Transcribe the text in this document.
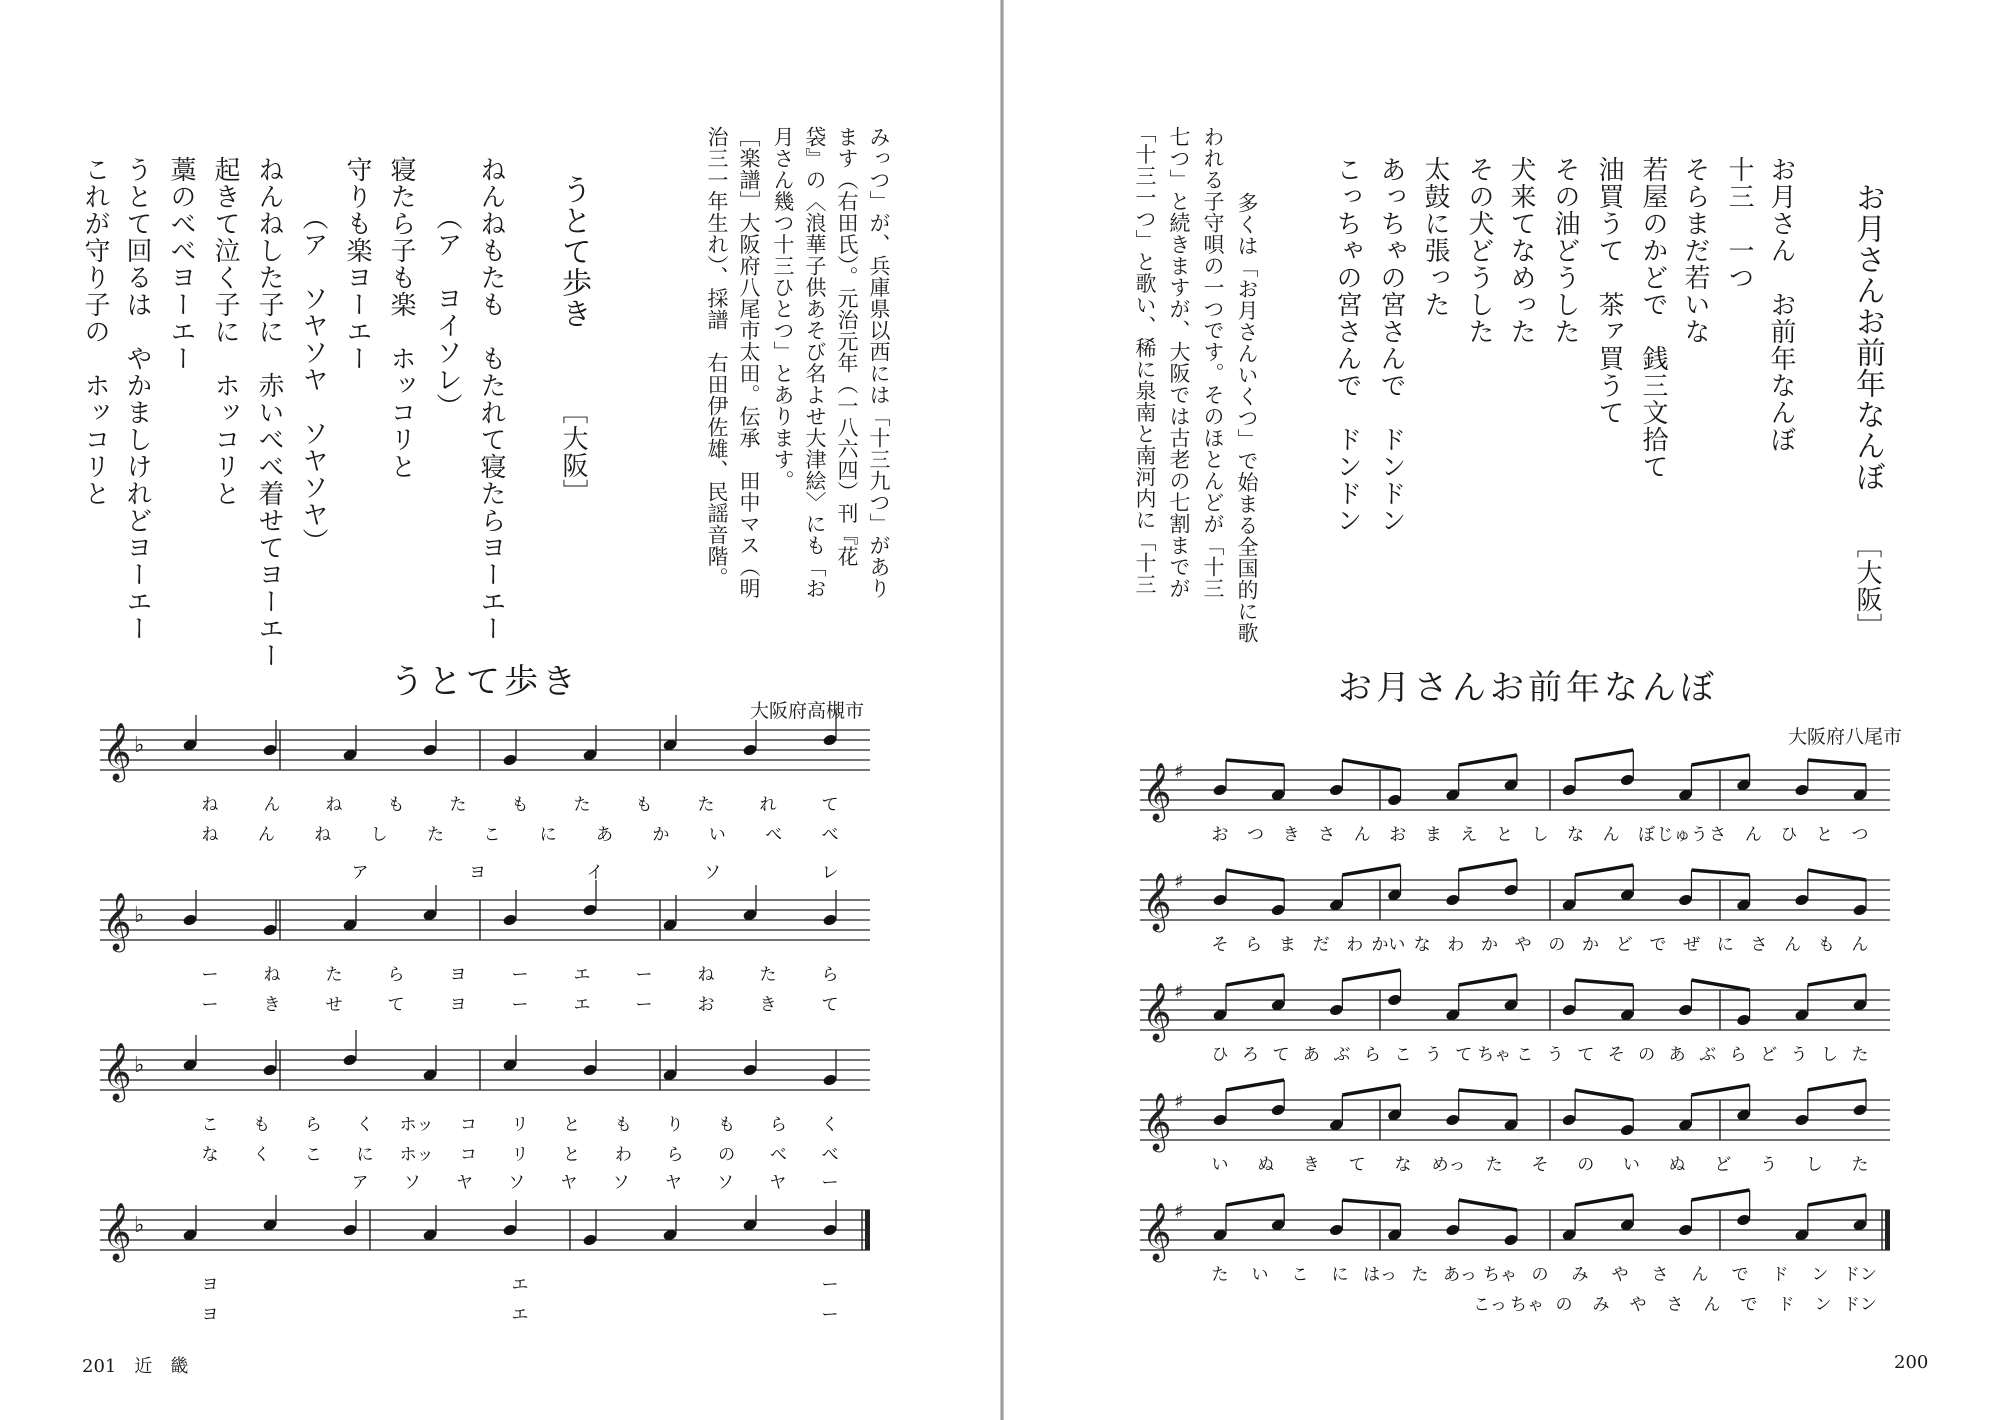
みっつ」が、兵庫県以西には「十三九つ」があり
ます（右田氏）。元治元年（一八六四）刊『花
袋』の〈浪華子供あそび名よせ大津絵〉にも「お
月さん幾つ十三ひとつ」とあります。
［楽譜］大阪府八尾市太田。伝承　田中マス（明
治三一年生れ）、採譜　右田伊佐雄、民謡音階。
うとて歩き
［大阪］
ねんねもたも　もたれて寝たらヨーエー
（ア　ヨイソレ）
寝たら子も楽　ホッコリと
守りも楽ヨーエー
（ア　ソヤソヤ　ソヤソヤ）
ねんねした子に　赤いべべ着せてヨーエー
起きて泣く子に　ホッコリと
藁のべべヨーエー
うとて回るは　やかましけれどヨーエー
これが守り子の　ホッコリと
うとて歩き
大阪府高槻市
𝄞 ♭
ね	ん	ね	も	た	も	た	も	た	れ	て
ね ん ね し た こ に あ か い べ べ
𝄞 ♭
ア	ヨ	イ	ソ	レ
ー	ね	た	ら	ヨ	ー	エ	ー	ね	た	ら
ー	き	せ	て	ヨ	ー	エ	ー	お	き	て
𝄞 ♭
こ も ら く ホッ コ リ と も り も ら く
な く こ に ホッ コ リ と わ ら の べ べ
𝄞 ♭
ア ソ ヤ ソ ヤ ソ ヤ ソ ヤ ー
ヨ	エ	ー
ヨ	エ	ー
201　近　畿
お月さんお前年なんぼ
［大阪］
お月さん　お前年なんぼ
十三　一つ
そらまだ若いな
若屋のかどで　銭三文拾て
油買うて　茶ァ買うて
その油どうした
犬来てなめった
その犬どうした
太鼓に張った
あっちゃの宮さんで　ドンドン
こっちゃの宮さんで　ドンドン
多くは「お月さんいくつ」で始まる全国的に歌
われる子守唄の一つです。そのほとんどが「十三
七つ」と続きますが、大阪では古老の七割までが
「十三一つ」と歌い、稀に泉南と南河内に「十三
お月さんお前年なんぼ
大阪府八尾市
𝄞 ♯
お つ き さ ん お ま え と し な ん ぼ じゅう さ ん ひ と つ
𝄞 ♯
そ ら ま だ わ かい な わ か や の か ど で ぜ に さ ん も ん
𝄞 ♯
ひ ろ て あ ぶ ら こ う て ちゃ こ う て そ の あ ぶ ら ど う し た
𝄞 ♯
い ぬ き て な めっ た そ の い ぬ ど う し た
𝄞 ♯
た い こ に はっ た あっ ちゃ の み や さ ん で ド ン ドン
こっ ちゃ の み や さ ん で ド ン ドン
200
